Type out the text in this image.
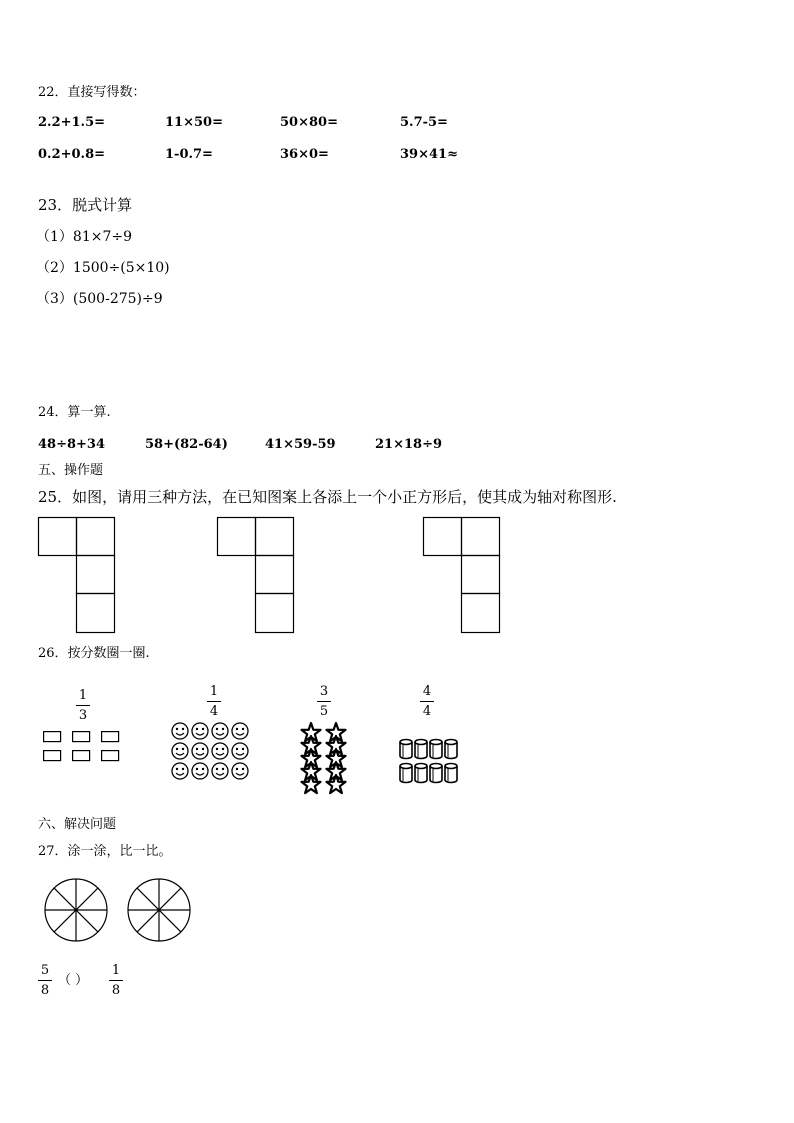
22．直接写得数：
2.2+1.5=	11×50=	50×80=	5.7-5=
0.2+0.8=	1-0.7=	36×0=	39×41≈
23．脱式计算
（1）81×7÷9
（2）1500÷(5×10)
（3）(500-275)÷9
24．算一算.
48÷8+34	58+(82-64)	41×59-59	21×18÷9
五、操作题
25．如图，请用三种方法，在已知图案上各添上一个小正方形后，使其成为轴对称图形.
26．按分数圈一圈.
1
3
1
4
3
5
4
4
六、解决问题
27．涂一涂，比一比。
5
8
（ ）
1
8
